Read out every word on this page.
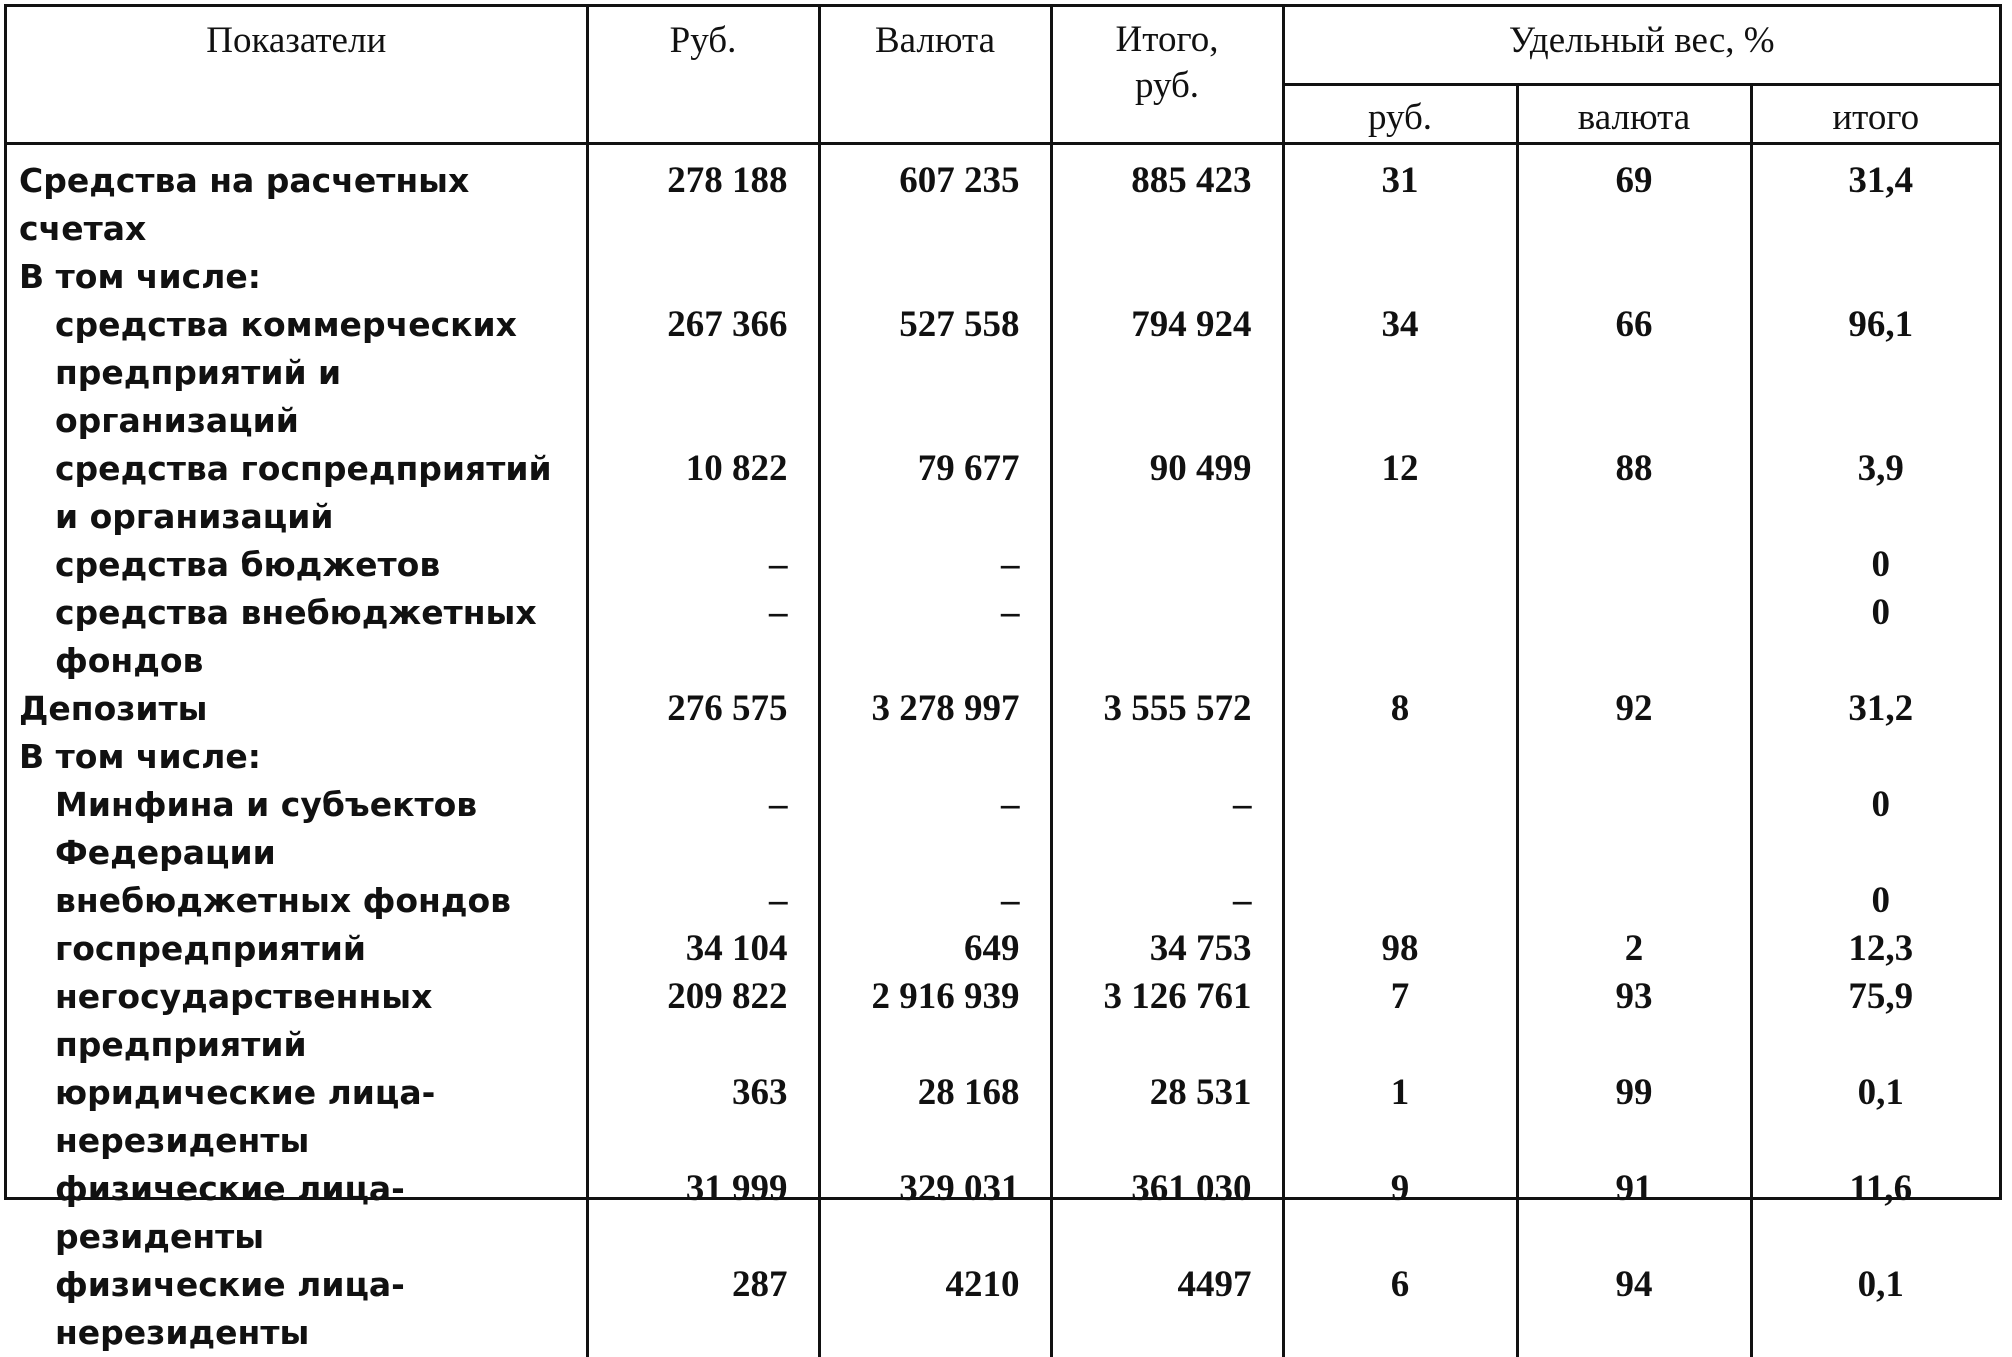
Показатели	Руб.	Валюта	Итого, руб.	Удельный вес, %		
				руб.	валюта	итого
Средства на расчетных счетах	278 188	607 235	885 423	31	69	31,4
В том числе:						
средства коммерческих предприятий и организаций	267 366	527 558	794 924	34	66	96,1
средства госпредприятий и организаций	10 822	79 677	90 499	12	88	3,9
средства бюджетов	–	–				0
средства внебюджетных фондов	–	–				0
Депозиты	276 575	3 278 997	3 555 572	8	92	31,2
В том числе:						
Минфина и субъектов Федерации	–	–	–			0
внебюджетных фондов	–	–	–			0
госпредприятий	34 104	649	34 753	98	2	12,3
негосударственных предприятий	209 822	2 916 939	3 126 761	7	93	75,9
юридические лица-нерезиденты	363	28 168	28 531	1	99	0,1
физические лица-резиденты	31 999	329 031	361 030	9	91	11,6
физические лица-нерезиденты	287	4210	4497	6	94	0,1
